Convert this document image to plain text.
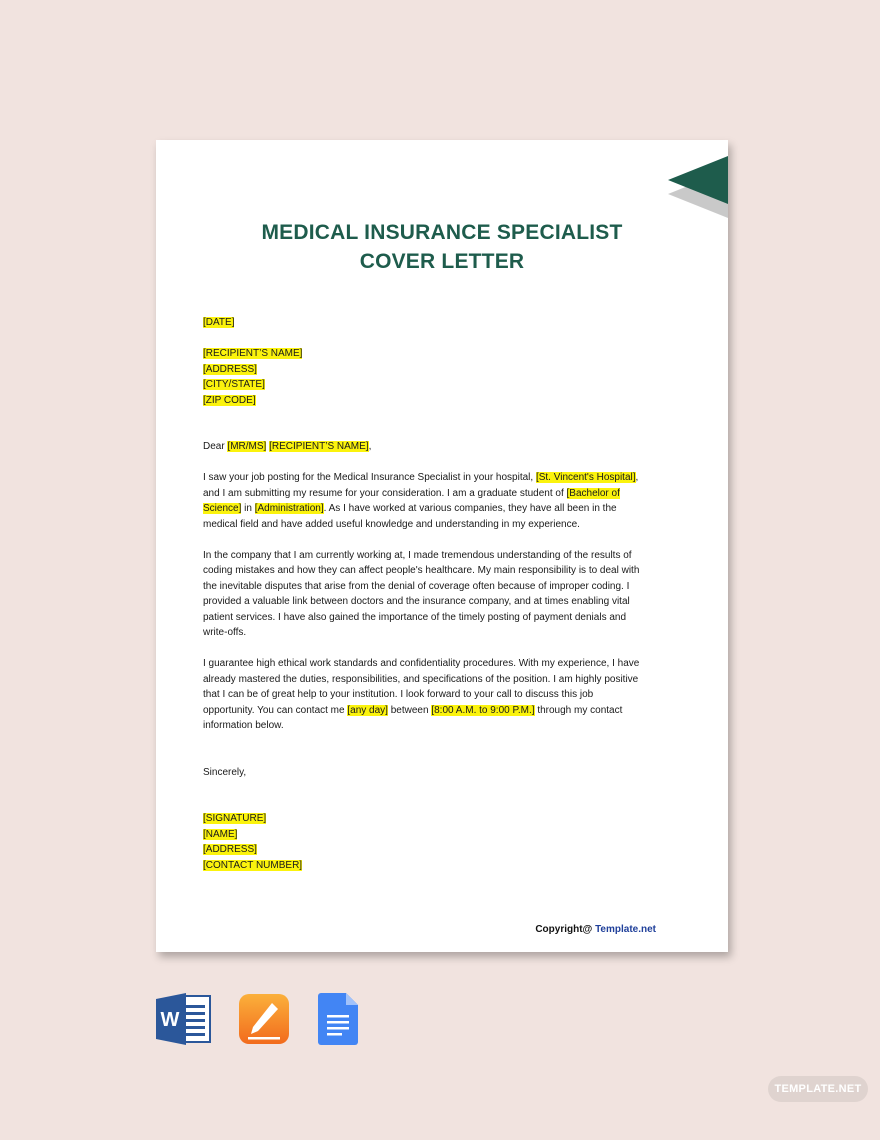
MEDICAL INSURANCE SPECIALIST
COVER LETTER
[DATE]
[RECIPIENT’S NAME]
[ADDRESS]
[CITY/STATE]
[ZIP CODE]
Dear [MR/MS] [RECIPIENT’S NAME],
I saw your job posting for the Medical Insurance Specialist in your hospital, [St. Vincent's Hospital],
and I am submitting my resume for your consideration. I am a graduate student of [Bachelor of
Science] in [Administration]. As I have worked at various companies, they have all been in the
medical field and have added useful knowledge and understanding in my experience.
In the company that I am currently working at, I made tremendous understanding of the results of
coding mistakes and how they can affect people's healthcare. My main responsibility is to deal with
the inevitable disputes that arise from the denial of coverage often because of improper coding. I
provided a valuable link between doctors and the insurance company, and at times enabling vital
patient services. I have also gained the importance of the timely posting of payment denials and
write-offs.
I guarantee high ethical work standards and confidentiality procedures. With my experience, I have
already mastered the duties, responsibilities, and specifications of the position. I am highly positive
that I can be of great help to your institution. I look forward to your call to discuss this job
opportunity. You can contact me [any day] between [8:00 A.M. to 9:00 P.M.] through my contact
information below.
Sincerely,
[SIGNATURE]
[NAME]
[ADDRESS]
[CONTACT NUMBER]
Copyright@ Template.net
W
TEMPLATE.NET
